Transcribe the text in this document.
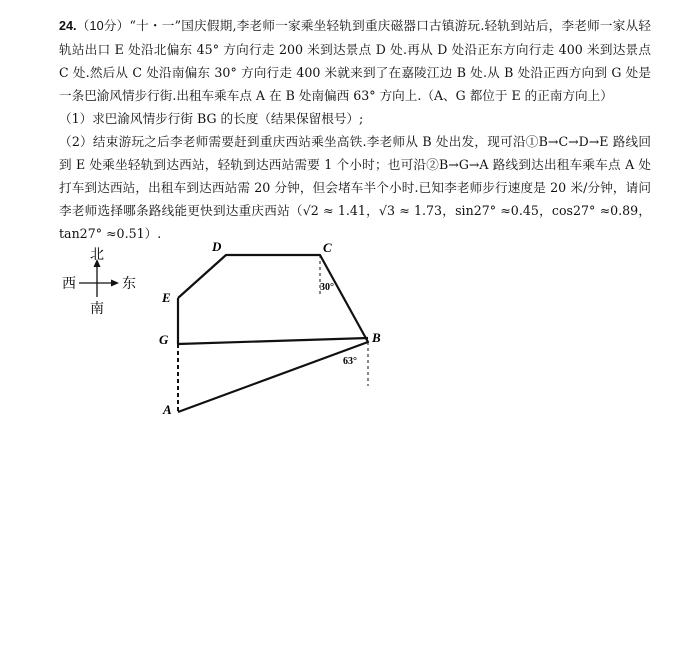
24.（10分）“十・一”国庆假期,李老师一家乘坐轻轨到重庆磁器口古镇游玩.轻轨到站后，李老师一家从轻轨站出口 E 处沿北偏东 45° 方向行走 200 米到达景点 D 处.再从 D 处沿正东方向行走 400 米到达景点 C 处.然后从 C 处沿南偏东 30° 方向行走 400 米就来到了在嘉陵江边 B 处.从 B 处沿正西方向到 G 处是一条巴渝风情步行街.出租车乘车点 A 在 B 处南偏西 63° 方向上.（A、G 都位于 E 的正南方向上）

（1）求巴渝风情步行街 BG 的长度（结果保留根号）;

（2）结束游玩之后李老师需要赶到重庆西站乘坐高铁.李老师从 B 处出发，现可沿①B→C→D→E 路线回到 E 处乘坐轻轨到达西站，轻轨到达西站需要 1 个小时；也可沿②B→G→A 路线到达出租车乘车点 A 处打车到达西站，出租车到达西站需 20 分钟，但会堵车半个小时.已知李老师步行速度是 20 米/分钟，请问李老师选择哪条路线能更快到达重庆西站（√2 ≈ 1.41，√3 ≈ 1.73，sin27° ≈0.45，cos27° ≈0.89，tan27° ≈0.51）.

北
南
西	东
D	C
E
G	B
A
30°
63°
